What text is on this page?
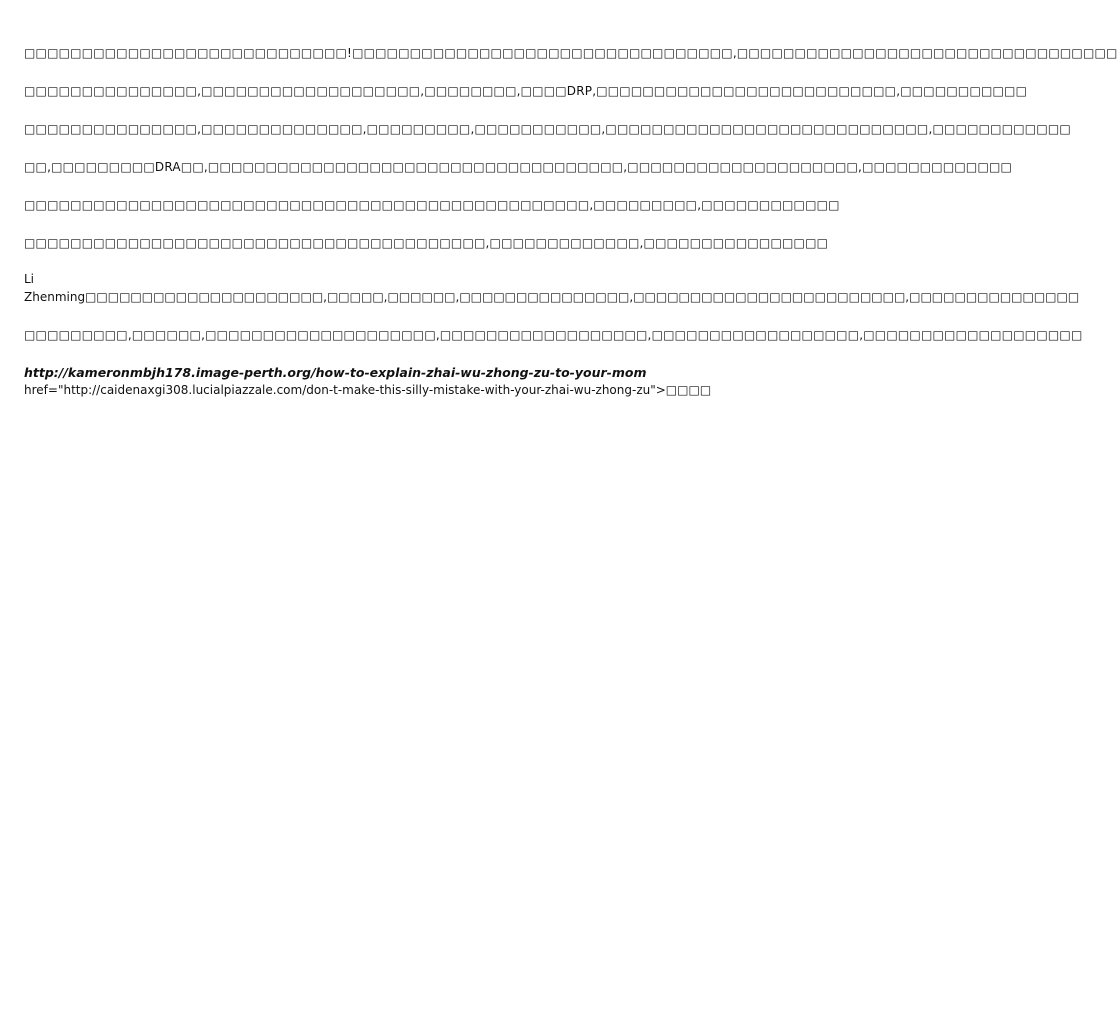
□□□□□□□□□□□□□□□□□□□□□□□□□□□□!□□□□□□□□□□□□□□□□□□□□□□□□□□□□□□□□□,□□□□□□□□□□□□□□□□□□□□□□□□□□□□□□□□□

□□□□□□□□□□□□□□□,□□□□□□□□□□□□□□□□□□□,□□□□□□□□,□□□□DRP,□□□□□□□□□□□□□□□□□□□□□□□□□□,□□□□□□□□□□□

□□□□□□□□□□□□□□□,□□□□□□□□□□□□□□,□□□□□□□□□,□□□□□□□□□□□,□□□□□□□□□□□□□□□□□□□□□□□□□□□□,□□□□□□□□□□□□

□□,□□□□□□□□□DRA□□,□□□□□□□□□□□□□□□□□□□□□□□□□□□□□□□□□□□□,□□□□□□□□□□□□□□□□□□□□,□□□□□□□□□□□□□

□□□□□□□□□□□□□□□□□□□□□□□□□□□□□□□□□□□□□□□□□□□□□□□□□,□□□□□□□□□,□□□□□□□□□□□□

□□□□□□□□□□□□□□□□□□□□□□□□□□□□□□□□□□□□□□□□,□□□□□□□□□□□□□,□□□□□□□□□□□□□□□□

Li
Zhenming□□□□□□□□□□□□□□□□□□□□□,□□□□□,□□□□□□,□□□□□□□□□□□□□□□,□□□□□□□□□□□□□□□□□□□□□□□□,□□□□□□□□□□□□□□□

□□□□□□□□□,□□□□□□,□□□□□□□□□□□□□□□□□□□□,□□□□□□□□□□□□□□□□□□,□□□□□□□□□□□□□□□□□□,□□□□□□□□□□□□□□□□□□□

http://kameronmbjh178.image-perth.org/how-to-explain-zhai-wu-zhong-zu-to-your-mom
href="http://caidenaxgi308.lucialpiazzale.com/don-t-make-this-silly-mistake-with-your-zhai-wu-zhong-zu">□□□□
